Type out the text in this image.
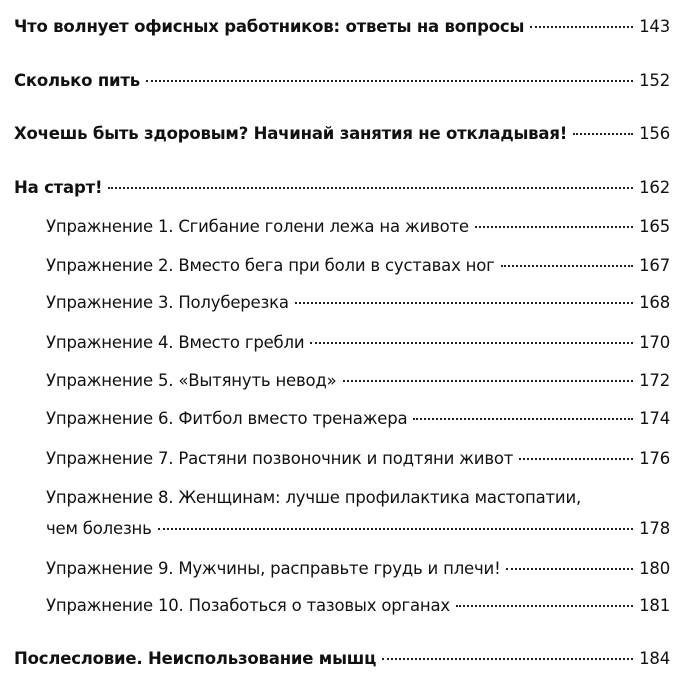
Что волнует офисных работников: ответы на вопросы	143
Сколько пить	152
Хочешь быть здоровым? Начинай занятия не откладывая!	156
На старт!	162
Упражнение 1. Сгибание голени лежа на животе	165
Упражнение 2. Вместо бега при боли в суставах ног	167
Упражнение 3. Полуберезка	168
Упражнение 4. Вместо гребли	170
Упражнение 5. «Вытянуть невод»	172
Упражнение 6. Фитбол вместо тренажера	174
Упражнение 7. Растяни позвоночник и подтяни живот	176
Упражнение 8. Женщинам: лучше профилактика мастопатии,
чем болезнь	178
Упражнение 9. Мужчины, расправьте грудь и плечи!	180
Упражнение 10. Позаботься о тазовых органах	181
Послесловие. Неиспользование мышц	184
